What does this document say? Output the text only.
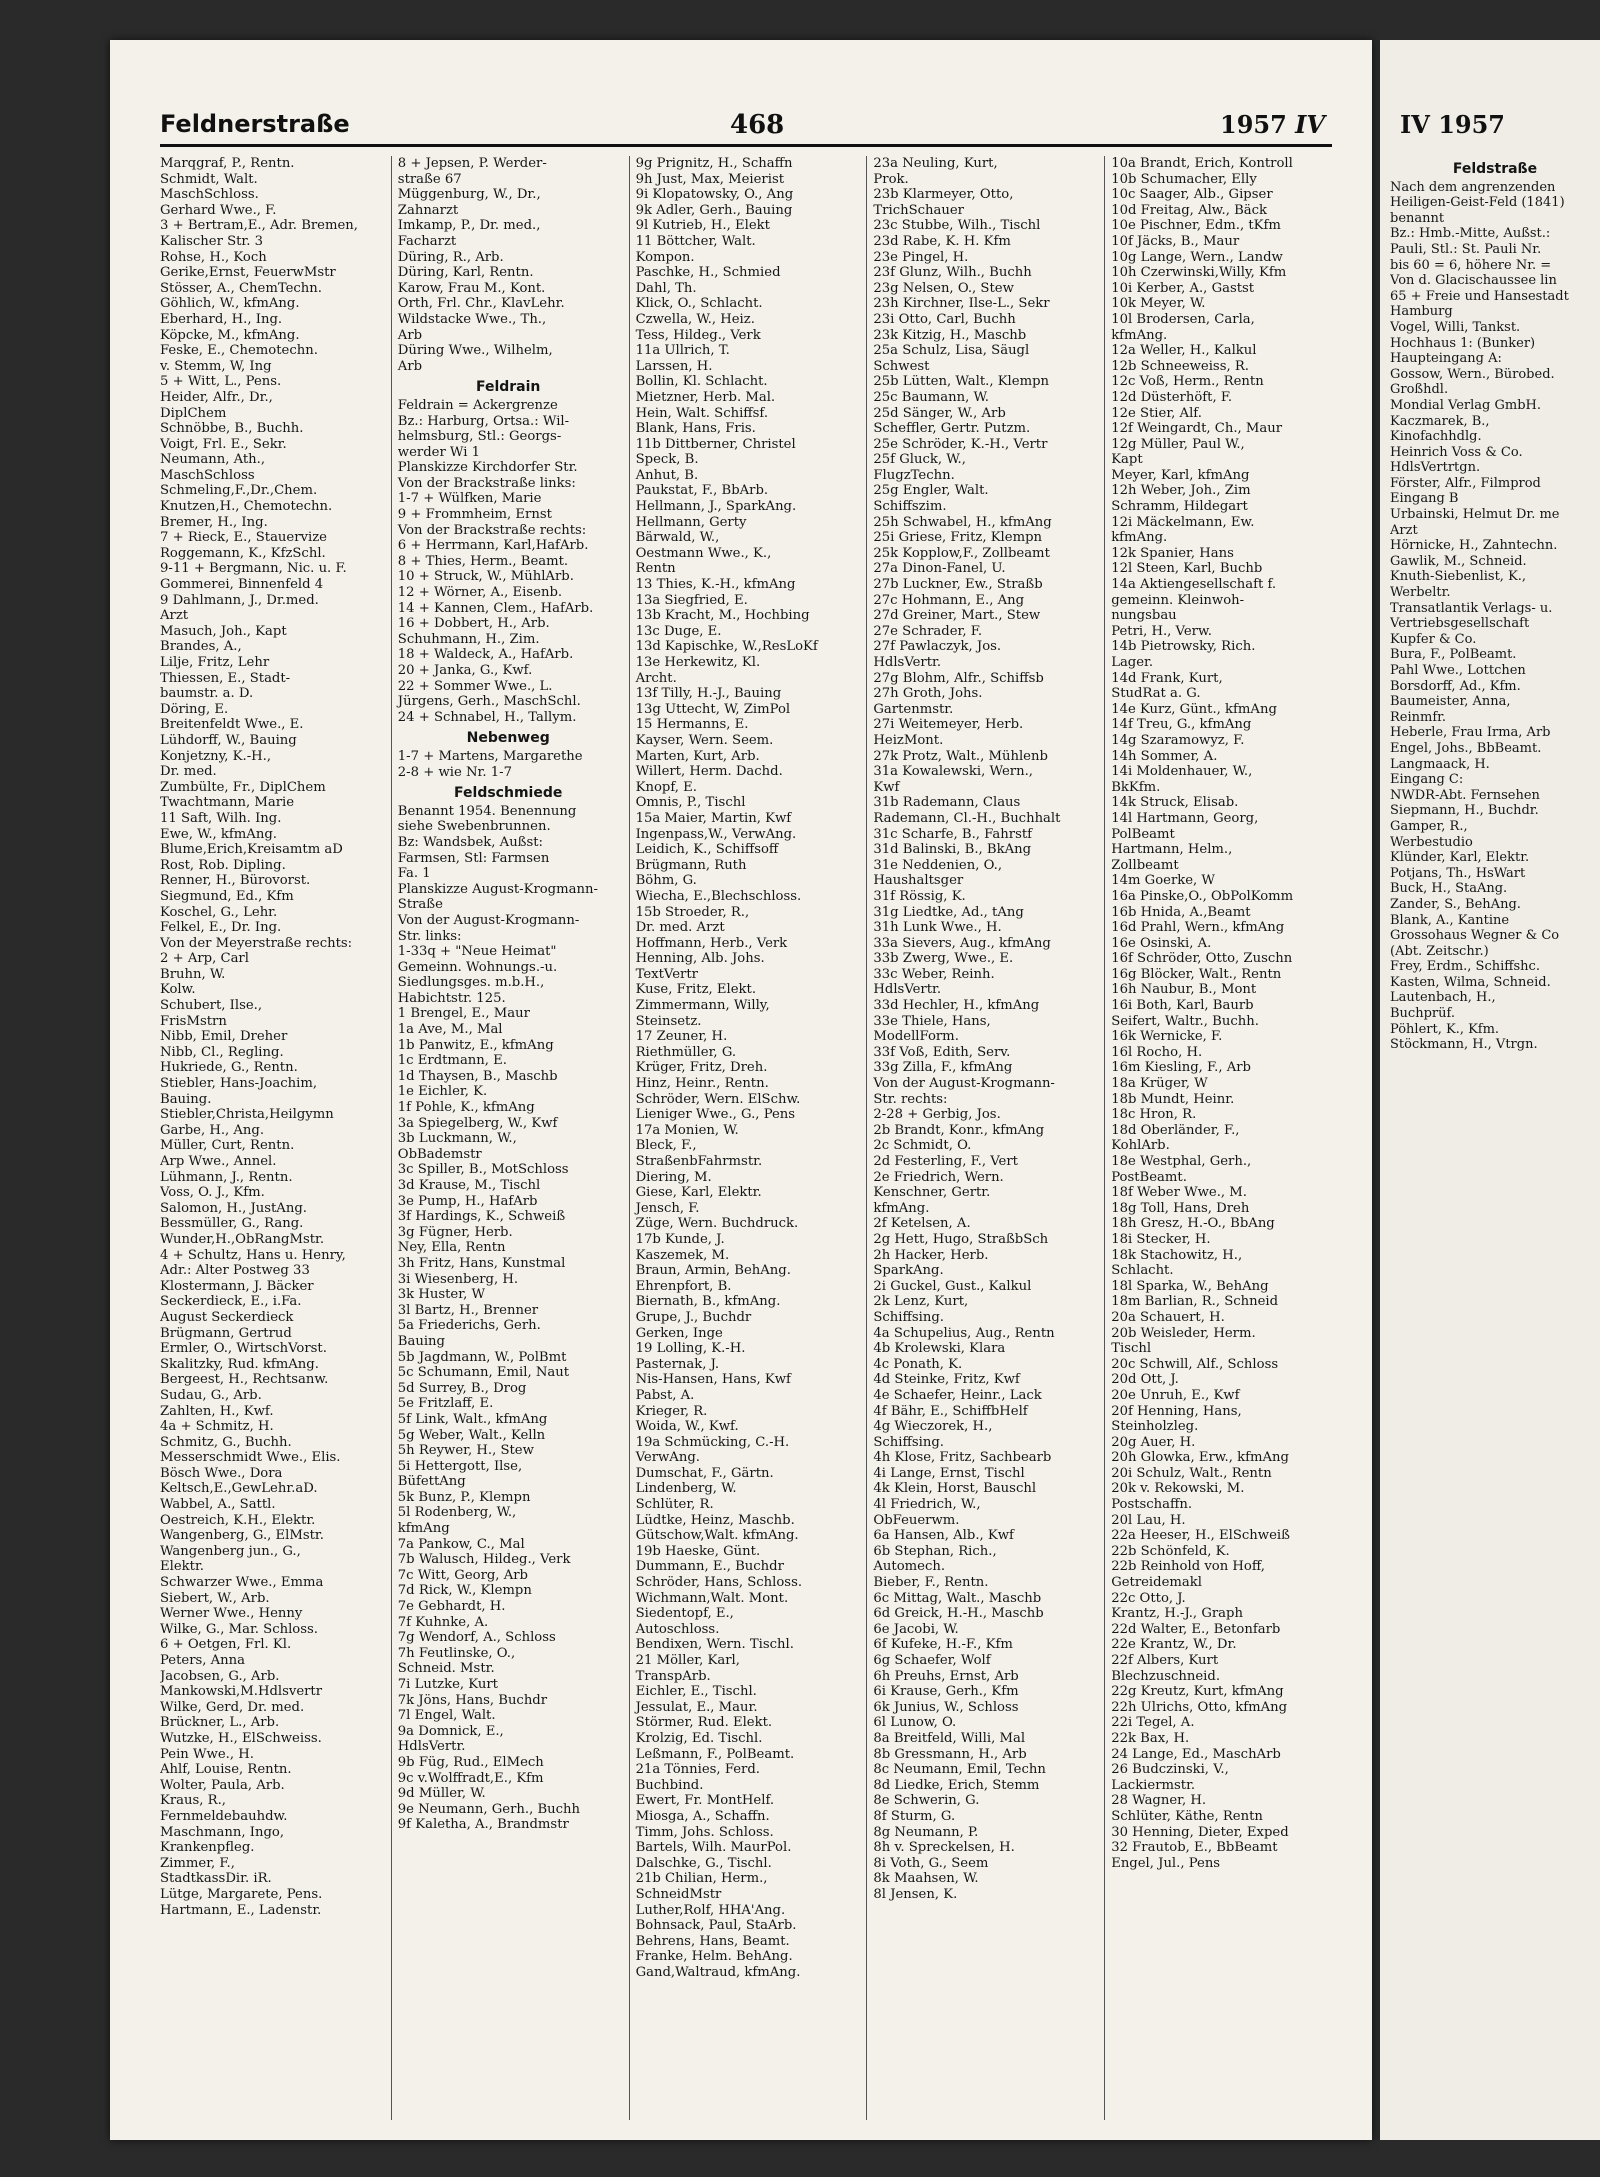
Feldnerstraße	468	1957 IV
Marqgraf, P., Rentn.
Schmidt, Walt.
MaschSchloss.
Gerhard Wwe., F.
3 + Bertram,E., Adr. Bremen,
Kalischer Str. 3
Rohse, H., Koch
Gerike,Ernst, FeuerwMstr
Stösser, A., ChemTechn.
Göhlich, W., kfmAng.
Eberhard, H., Ing.
Köpcke, M., kfmAng.
Feske, E., Chemotechn.
v. Stemm, W, Ing
5 + Witt, L., Pens.
Heider, Alfr., Dr.,
DiplChem
Schnöbbe, B., Buchh.
Voigt, Frl. E., Sekr.
Neumann, Ath.,
MaschSchloss
Schmeling,F.,Dr.,Chem.
Knutzen,H., Chemotechn.
Bremer, H., Ing.
7 + Rieck, E., Stauervize
Roggemann, K., KfzSchl.
9-11 + Bergmann, Nic. u. F.
Gommerei, Binnenfeld 4
9 Dahlmann, J., Dr.med.
Arzt
Masuch, Joh., Kapt
Brandes, A.,
Lilje, Fritz, Lehr
Thiessen, E., Stadt-
baumstr. a. D.
Döring, E.
Breitenfeldt Wwe., E.
Lühdorff, W., Bauing
Konjetzny, K.-H.,
Dr. med.
Zumbülte, Fr., DiplChem
Twachtmann, Marie
11 Saft, Wilh. Ing.
Ewe, W., kfmAng.
Blume,Erich,Kreisamtm aD
Rost, Rob. Dipling.
Renner, H., Bürovorst.
Siegmund, Ed., Kfm
Koschel, G., Lehr.
Felkel, E., Dr. Ing.
Von der Meyerstraße rechts:
2 + Arp, Carl
Bruhn, W.
Kolw.
Schubert, Ilse.,
FrisMstrn
Nibb, Emil, Dreher
Nibb, Cl., Regling.
Hukriede, G., Rentn.
Stiebler, Hans-Joachim,
Bauing.
Stiebler,Christa,Heilgymn
Garbe, H., Ang.
Müller, Curt, Rentn.
Arp Wwe., Annel.
Lühmann, J., Rentn.
Voss, O. J., Kfm.
Salomon, H., JustAng.
Bessmüller, G., Rang.
Wunder,H.,ObRangMstr.
4 + Schultz, Hans u. Henry,
Adr.: Alter Postweg 33
Klostermann, J. Bäcker
Seckerdieck, E., i.Fa.
August Seckerdieck
Brügmann, Gertrud
Ermler, O., WirtschVorst.
Skalitzky, Rud. kfmAng.
Bergeest, H., Rechtsanw.
Sudau, G., Arb.
Zahlten, H., Kwf.
4a + Schmitz, H.
Schmitz, G., Buchh.
Messerschmidt Wwe., Elis.
Bösch Wwe., Dora
Keltsch,E.,GewLehr.aD.
Wabbel, A., Sattl.
Oestreich, K.H., Elektr.
Wangenberg, G., ElMstr.
Wangenberg jun., G.,
Elektr.
Schwarzer Wwe., Emma
Siebert, W., Arb.
Werner Wwe., Henny
Wilke, G., Mar. Schloss.
6 + Oetgen, Frl. Kl.
Peters, Anna
Jacobsen, G., Arb.
Mankowski,M.Hdlsvertr
Wilke, Gerd, Dr. med.
Brückner, L., Arb.
Wutzke, H., ElSchweiss.
Pein Wwe., H.
Ahlf, Louise, Rentn.
Wolter, Paula, Arb.
Kraus, R.,
Fernmeldebauhdw.
Maschmann, Ingo,
Krankenpfleg.
Zimmer, F.,
StadtkassDir. iR.
Lütge, Margarete, Pens.
Hartmann, E., Ladenstr.
8 + Jepsen, P. Werder-
straße 67
Müggenburg, W., Dr.,
Zahnarzt
Imkamp, P., Dr. med.,
Facharzt
Düring, R., Arb.
Düring, Karl, Rentn.
Karow, Frau M., Kont.
Orth, Frl. Chr., KlavLehr.
Wildstacke Wwe., Th.,
Arb
Düring Wwe., Wilhelm,
Arb
Feldrain
Feldrain = Ackergrenze
Bz.: Harburg, Ortsa.: Wil-
helmsburg, Stl.: Georgs-
werder Wi 1
Planskizze Kirchdorfer Str.
Von der Brackstraße links:
1-7 + Wülfken, Marie
9 + Frommheim, Ernst
Von der Brackstraße rechts:
6 + Herrmann, Karl,HafArb.
8 + Thies, Herm., Beamt.
10 + Struck, W., MühlArb.
12 + Wörner, A., Eisenb.
14 + Kannen, Clem., HafArb.
16 + Dobbert, H., Arb.
Schuhmann, H., Zim.
18 + Waldeck, A., HafArb.
20 + Janka, G., Kwf.
22 + Sommer Wwe., L.
Jürgens, Gerh., MaschSchl.
24 + Schnabel, H., Tallym.
Nebenweg
1-7 + Martens, Margarethe
2-8 + wie Nr. 1-7
Feldschmiede
Benannt 1954. Benennung
siehe Swebenbrunnen.
Bz: Wandsbek, Außst:
Farmsen, Stl: Farmsen
Fa. 1
Planskizze August-Krogmann-
Straße
Von der August-Krogmann-
Str. links:
1-33q + "Neue Heimat"
Gemeinn. Wohnungs.-u.
Siedlungsges. m.b.H.,
Habichtstr. 125.
1 Brengel, E., Maur
1a Ave, M., Mal
1b Panwitz, E., kfmAng
1c Erdtmann, E.
1d Thaysen, B., Maschb
1e Eichler, K.
1f Pohle, K., kfmAng
3a Spiegelberg, W., Kwf
3b Luckmann, W.,
ObBademstr
3c Spiller, B., MotSchloss
3d Krause, M., Tischl
3e Pump, H., HafArb
3f Hardings, K., Schweiß
3g Fügner, Herb.
Ney, Ella, Rentn
3h Fritz, Hans, Kunstmal
3i Wiesenberg, H.
3k Huster, W
3l Bartz, H., Brenner
5a Friederichs, Gerh.
Bauing
5b Jagdmann, W., PolBmt
5c Schumann, Emil, Naut
5d Surrey, B., Drog
5e Fritzlaff, E.
5f Link, Walt., kfmAng
5g Weber, Walt., Kelln
5h Reywer, H., Stew
5i Hettergott, Ilse,
BüfettAng
5k Bunz, P., Klempn
5l Rodenberg, W.,
kfmAng
7a Pankow, C., Mal
7b Walusch, Hildeg., Verk
7c Witt, Georg, Arb
7d Rick, W., Klempn
7e Gebhardt, H.
7f Kuhnke, A.
7g Wendorf, A., Schloss
7h Feutlinske, O.,
Schneid. Mstr.
7i Lutzke, Kurt
7k Jöns, Hans, Buchdr
7l Engel, Walt.
9a Domnick, E.,
HdlsVertr.
9b Füg, Rud., ElMech
9c v.Wolffradt,E., Kfm
9d Müller, W.
9e Neumann, Gerh., Buchh
9f Kaletha, A., Brandmstr
9g Prignitz, H., Schaffn
9h Just, Max, Meierist
9i Klopatowsky, O., Ang
9k Adler, Gerh., Bauing
9l Kutrieb, H., Elekt
11 Böttcher, Walt.
Kompon.
Paschke, H., Schmied
Dahl, Th.
Klick, O., Schlacht.
Czwella, W., Heiz.
Tess, Hildeg., Verk
11a Ullrich, T.
Larssen, H.
Bollin, Kl. Schlacht.
Mietzner, Herb. Mal.
Hein, Walt. Schiffsf.
Blank, Hans, Fris.
11b Dittberner, Christel
Speck, B.
Anhut, B.
Paukstat, F., BbArb.
Hellmann, J., SparkAng.
Hellmann, Gerty
Bärwald, W.,
Oestmann Wwe., K.,
Rentn
13 Thies, K.-H., kfmAng
13a Siegfried, E.
13b Kracht, M., Hochbing
13c Duge, E.
13d Kapischke, W.,ResLoKf
13e Herkewitz, Kl.
Archt.
13f Tilly, H.-J., Bauing
13g Uttecht, W, ZimPol
15 Hermanns, E.
Kayser, Wern. Seem.
Marten, Kurt, Arb.
Willert, Herm. Dachd.
Knopf, E.
Omnis, P., Tischl
15a Maier, Martin, Kwf
Ingenpass,W., VerwAng.
Leidich, K., Schiffsoff
Brügmann, Ruth
Böhm, G.
Wiecha, E.,Blechschloss.
15b Stroeder, R.,
Dr. med. Arzt
Hoffmann, Herb., Verk
Henning, Alb. Johs.
TextVertr
Kuse, Fritz, Elekt.
Zimmermann, Willy,
Steinsetz.
17 Zeuner, H.
Riethmüller, G.
Krüger, Fritz, Dreh.
Hinz, Heinr., Rentn.
Schröder, Wern. ElSchw.
Lieniger Wwe., G., Pens
17a Monien, W.
Bleck, F.,
StraßenbFahrmstr.
Diering, M.
Giese, Karl, Elektr.
Jensch, F.
Züge, Wern. Buchdruck.
17b Kunde, J.
Kaszemek, M.
Braun, Armin, BehAng.
Ehrenpfort, B.
Biernath, B., kfmAng.
Grupe, J., Buchdr
Gerken, Inge
19 Lolling, K.-H.
Pasternak, J.
Nis-Hansen, Hans, Kwf
Pabst, A.
Krieger, R.
Woida, W., Kwf.
19a Schmücking, C.-H.
VerwAng.
Dumschat, F., Gärtn.
Lindenberg, W.
Schlüter, R.
Lüdtke, Heinz, Maschb.
Gütschow,Walt. kfmAng.
19b Haeske, Günt.
Dummann, E., Buchdr
Schröder, Hans, Schloss.
Wichmann,Walt. Mont.
Siedentopf, E.,
Autoschloss.
Bendixen, Wern. Tischl.
21 Möller, Karl,
TranspArb.
Eichler, E., Tischl.
Jessulat, E., Maur.
Störmer, Rud. Elekt.
Krolzig, Ed. Tischl.
Leßmann, F., PolBeamt.
21a Tönnies, Ferd.
Buchbind.
Ewert, Fr. MontHelf.
Miosga, A., Schaffn.
Timm, Johs. Schloss.
Bartels, Wilh. MaurPol.
Dalschke, G., Tischl.
21b Chilian, Herm.,
SchneidMstr
Luther,Rolf, HHA'Ang.
Bohnsack, Paul, StaArb.
Behrens, Hans, Beamt.
Franke, Helm. BehAng.
Gand,Waltraud, kfmAng.
23a Neuling, Kurt,
Prok.
23b Klarmeyer, Otto,
TrichSchauer
23c Stubbe, Wilh., Tischl
23d Rabe, K. H. Kfm
23e Pingel, H.
23f Glunz, Wilh., Buchh
23g Nelsen, O., Stew
23h Kirchner, Ilse-L., Sekr
23i Otto, Carl, Buchh
23k Kitzig, H., Maschb
25a Schulz, Lisa, Säugl
Schwest
25b Lütten, Walt., Klempn
25c Baumann, W.
25d Sänger, W., Arb
Scheffler, Gertr. Putzm.
25e Schröder, K.-H., Vertr
25f Gluck, W.,
FlugzTechn.
25g Engler, Walt.
Schiffszim.
25h Schwabel, H., kfmAng
25i Griese, Fritz, Klempn
25k Kopplow,F., Zollbeamt
27a Dinon-Fanel, U.
27b Luckner, Ew., Straßb
27c Hohmann, E., Ang
27d Greiner, Mart., Stew
27e Schrader, F.
27f Pawlaczyk, Jos.
HdlsVertr.
27g Blohm, Alfr., Schiffsb
27h Groth, Johs.
Gartenmstr.
27i Weitemeyer, Herb.
HeizMont.
27k Protz, Walt., Mühlenb
31a Kowalewski, Wern.,
Kwf
31b Rademann, Claus
Rademann, Cl.-H., Buchhalt
31c Scharfe, B., Fahrstf
31d Balinski, B., BkAng
31e Neddenien, O.,
Haushaltsger
31f Rössig, K.
31g Liedtke, Ad., tAng
31h Lunk Wwe., H.
33a Sievers, Aug., kfmAng
33b Zwerg, Wwe., E.
33c Weber, Reinh.
HdlsVertr.
33d Hechler, H., kfmAng
33e Thiele, Hans,
ModellForm.
33f Voß, Edith, Serv.
33g Zilla, F., kfmAng
Von der August-Krogmann-
Str. rechts:
2-28 + Gerbig, Jos.
2b Brandt, Konr., kfmAng
2c Schmidt, O.
2d Festerling, F., Vert
2e Friedrich, Wern.
Kenschner, Gertr.
kfmAng.
2f Ketelsen, A.
2g Hett, Hugo, StraßbSch
2h Hacker, Herb.
SparkAng.
2i Guckel, Gust., Kalkul
2k Lenz, Kurt,
Schiffsing.
4a Schupelius, Aug., Rentn
4b Krolewski, Klara
4c Ponath, K.
4d Steinke, Fritz, Kwf
4e Schaefer, Heinr., Lack
4f Bähr, E., SchiffbHelf
4g Wieczorek, H.,
Schiffsing.
4h Klose, Fritz, Sachbearb
4i Lange, Ernst, Tischl
4k Klein, Horst, Bauschl
4l Friedrich, W.,
ObFeuerwm.
6a Hansen, Alb., Kwf
6b Stephan, Rich.,
Automech.
Bieber, F., Rentn.
6c Mittag, Walt., Maschb
6d Greick, H.-H., Maschb
6e Jacobi, W.
6f Kufeke, H.-F., Kfm
6g Schaefer, Wolf
6h Preuhs, Ernst, Arb
6i Krause, Gerh., Kfm
6k Junius, W., Schloss
6l Lunow, O.
8a Breitfeld, Willi, Mal
8b Gressmann, H., Arb
8c Neumann, Emil, Techn
8d Liedke, Erich, Stemm
8e Schwerin, G.
8f Sturm, G.
8g Neumann, P.
8h v. Spreckelsen, H.
8i Voth, G., Seem
8k Maahsen, W.
8l Jensen, K.
10a Brandt, Erich, Kontroll
10b Schumacher, Elly
10c Saager, Alb., Gipser
10d Freitag, Alw., Bäck
10e Pischner, Edm., tKfm
10f Jäcks, B., Maur
10g Lange, Wern., Landw
10h Czerwinski,Willy, Kfm
10i Kerber, A., Gastst
10k Meyer, W.
10l Brodersen, Carla,
kfmAng.
12a Weller, H., Kalkul
12b Schneeweiss, R.
12c Voß, Herm., Rentn
12d Düsterhöft, F.
12e Stier, Alf.
12f Weingardt, Ch., Maur
12g Müller, Paul W.,
Kapt
Meyer, Karl, kfmAng
12h Weber, Joh., Zim
Schramm, Hildegart
12i Mäckelmann, Ew.
kfmAng.
12k Spanier, Hans
12l Steen, Karl, Buchb
14a Aktiengesellschaft f.
gemeinn. Kleinwoh-
nungsbau
Petri, H., Verw.
14b Pietrowsky, Rich.
Lager.
14d Frank, Kurt,
StudRat a. G.
14e Kurz, Günt., kfmAng
14f Treu, G., kfmAng
14g Szaramowyz, F.
14h Sommer, A.
14i Moldenhauer, W.,
BkKfm.
14k Struck, Elisab.
14l Hartmann, Georg,
PolBeamt
Hartmann, Helm.,
Zollbeamt
14m Goerke, W
16a Pinske,O., ObPolKomm
16b Hnida, A.,Beamt
16d Prahl, Wern., kfmAng
16e Osinski, A.
16f Schröder, Otto, Zuschn
16g Blöcker, Walt., Rentn
16h Naubur, B., Mont
16i Both, Karl, Baurb
Seifert, Waltr., Buchh.
16k Wernicke, F.
16l Rocho, H.
16m Kiesling, F., Arb
18a Krüger, W
18b Mundt, Heinr.
18c Hron, R.
18d Oberländer, F.,
KohlArb.
18e Westphal, Gerh.,
PostBeamt.
18f Weber Wwe., M.
18g Toll, Hans, Dreh
18h Gresz, H.-O., BbAng
18i Stecker, H.
18k Stachowitz, H.,
Schlacht.
18l Sparka, W., BehAng
18m Barlian, R., Schneid
20a Schauert, H.
20b Weisleder, Herm.
Tischl
20c Schwill, Alf., Schloss
20d Ott, J.
20e Unruh, E., Kwf
20f Henning, Hans,
Steinholzleg.
20g Auer, H.
20h Glowka, Erw., kfmAng
20i Schulz, Walt., Rentn
20k v. Rekowski, M.
Postschaffn.
20l Lau, H.
22a Heeser, H., ElSchweiß
22b Schönfeld, K.
22b Reinhold von Hoff,
Getreidemakl
22c Otto, J.
Krantz, H.-J., Graph
22d Walter, E., Betonfarb
22e Krantz, W., Dr.
22f Albers, Kurt
Blechzuschneid.
22g Kreutz, Kurt, kfmAng
22h Ulrichs, Otto, kfmAng
22i Tegel, A.
22k Bax, H.
24 Lange, Ed., MaschArb
26 Budczinski, V.,
Lackiermstr.
28 Wagner, H.
Schlüter, Käthe, Rentn
30 Henning, Dieter, Exped
32 Frautob, E., BbBeamt
Engel, Jul., Pens
IV 1957
Feldstraße
Nach dem angrenzenden
Heiligen-Geist-Feld (1841)
benannt
Bz.: Hmb.-Mitte, Außst.:
Pauli, Stl.: St. Pauli Nr.
bis 60 = 6, höhere Nr. =
Von d. Glacischaussee lin
65 + Freie und Hansestadt
Hamburg
Vogel, Willi, Tankst.
Hochhaus 1: (Bunker)
Haupteingang A:
Gossow, Wern., Bürobed.
Großhdl.
Mondial Verlag GmbH.
Kaczmarek, B.,
Kinofachhdlg.
Heinrich Voss & Co.
HdlsVertrtgn.
Förster, Alfr., Filmprod
Eingang B
Urbainski, Helmut Dr. me
Arzt
Hörnicke, H., Zahntechn.
Gawlik, M., Schneid.
Knuth-Siebenlist, K.,
Werbeltr.
Transatlantik Verlags- u.
Vertriebsgesellschaft
Kupfer & Co.
Bura, F., PolBeamt.
Pahl Wwe., Lottchen
Borsdorff, Ad., Kfm.
Baumeister, Anna,
Reinmfr.
Heberle, Frau Irma, Arb
Engel, Johs., BbBeamt.
Langmaack, H.
Eingang C:
NWDR-Abt. Fernsehen
Siepmann, H., Buchdr.
Gamper, R.,
Werbestudio
Klünder, Karl, Elektr.
Potjans, Th., HsWart
Buck, H., StaAng.
Zander, S., BehAng.
Blank, A., Kantine
Grossohaus Wegner & Co
(Abt. Zeitschr.)
Frey, Erdm., Schiffshc.
Kasten, Wilma, Schneid.
Lautenbach, H.,
Buchprüf.
Pöhlert, K., Kfm.
Stöckmann, H., Vtrgn.
